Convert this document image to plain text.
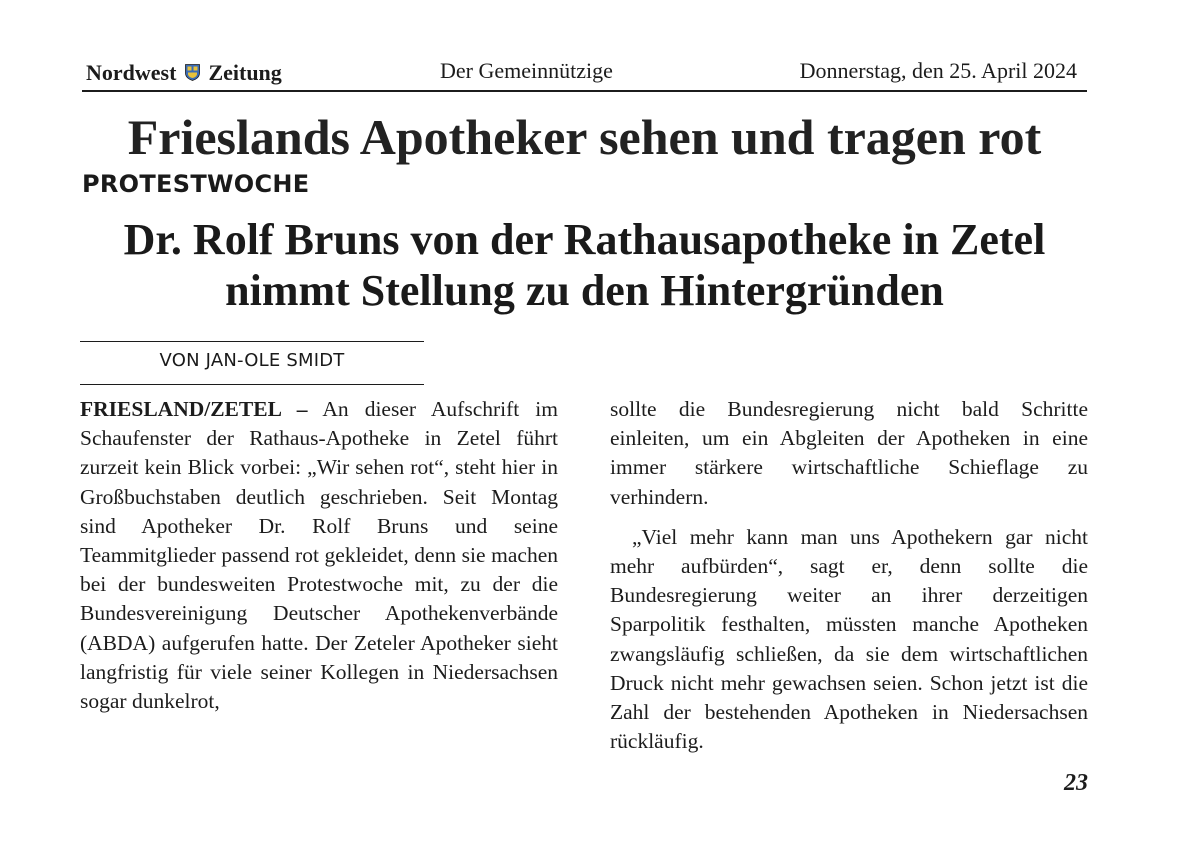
Nordwest Zeitung	Der Gemeinnützige	Donnerstag, den 25. April 2024
Frieslands Apotheker sehen und tragen rot
PROTESTWOCHE
Dr. Rolf Bruns von der Rathausapotheke in Zetel nimmt Stellung zu den Hintergründen
VON JAN-OLE SMIDT

FRIESLAND/ZETEL – An dieser Aufschrift im Schaufenster der Rathaus-Apotheke in Zetel führt zurzeit kein Blick vorbei: „Wir sehen rot“, steht hier in Großbuchstaben deutlich geschrieben. Seit Montag sind Apotheker Dr. Rolf Bruns und seine Teammitglieder passend rot gekleidet, denn sie machen bei der bundesweiten Protestwoche mit, zu der die Bundesvereinigung Deutscher Apothekenverbände (ABDA) aufgerufen hatte. Der Zeteler Apotheker sieht langfristig für viele seiner Kollegen in Niedersachsen sogar dunkelrot,

sollte die Bundesregierung nicht bald Schritte einleiten, um ein Abgleiten der Apotheken in eine immer stärkere wirtschaftliche Schieflage zu verhindern.

„Viel mehr kann man uns Apothekern gar nicht mehr aufbürden“, sagt er, denn sollte die Bundesregierung weiter an ihrer derzeitigen Sparpolitik festhalten, müssten manche Apotheken zwangsläufig schließen, da sie dem wirtschaftlichen Druck nicht mehr gewachsen seien. Schon jetzt ist die Zahl der bestehenden Apotheken in Niedersachsen rückläufig.

23
